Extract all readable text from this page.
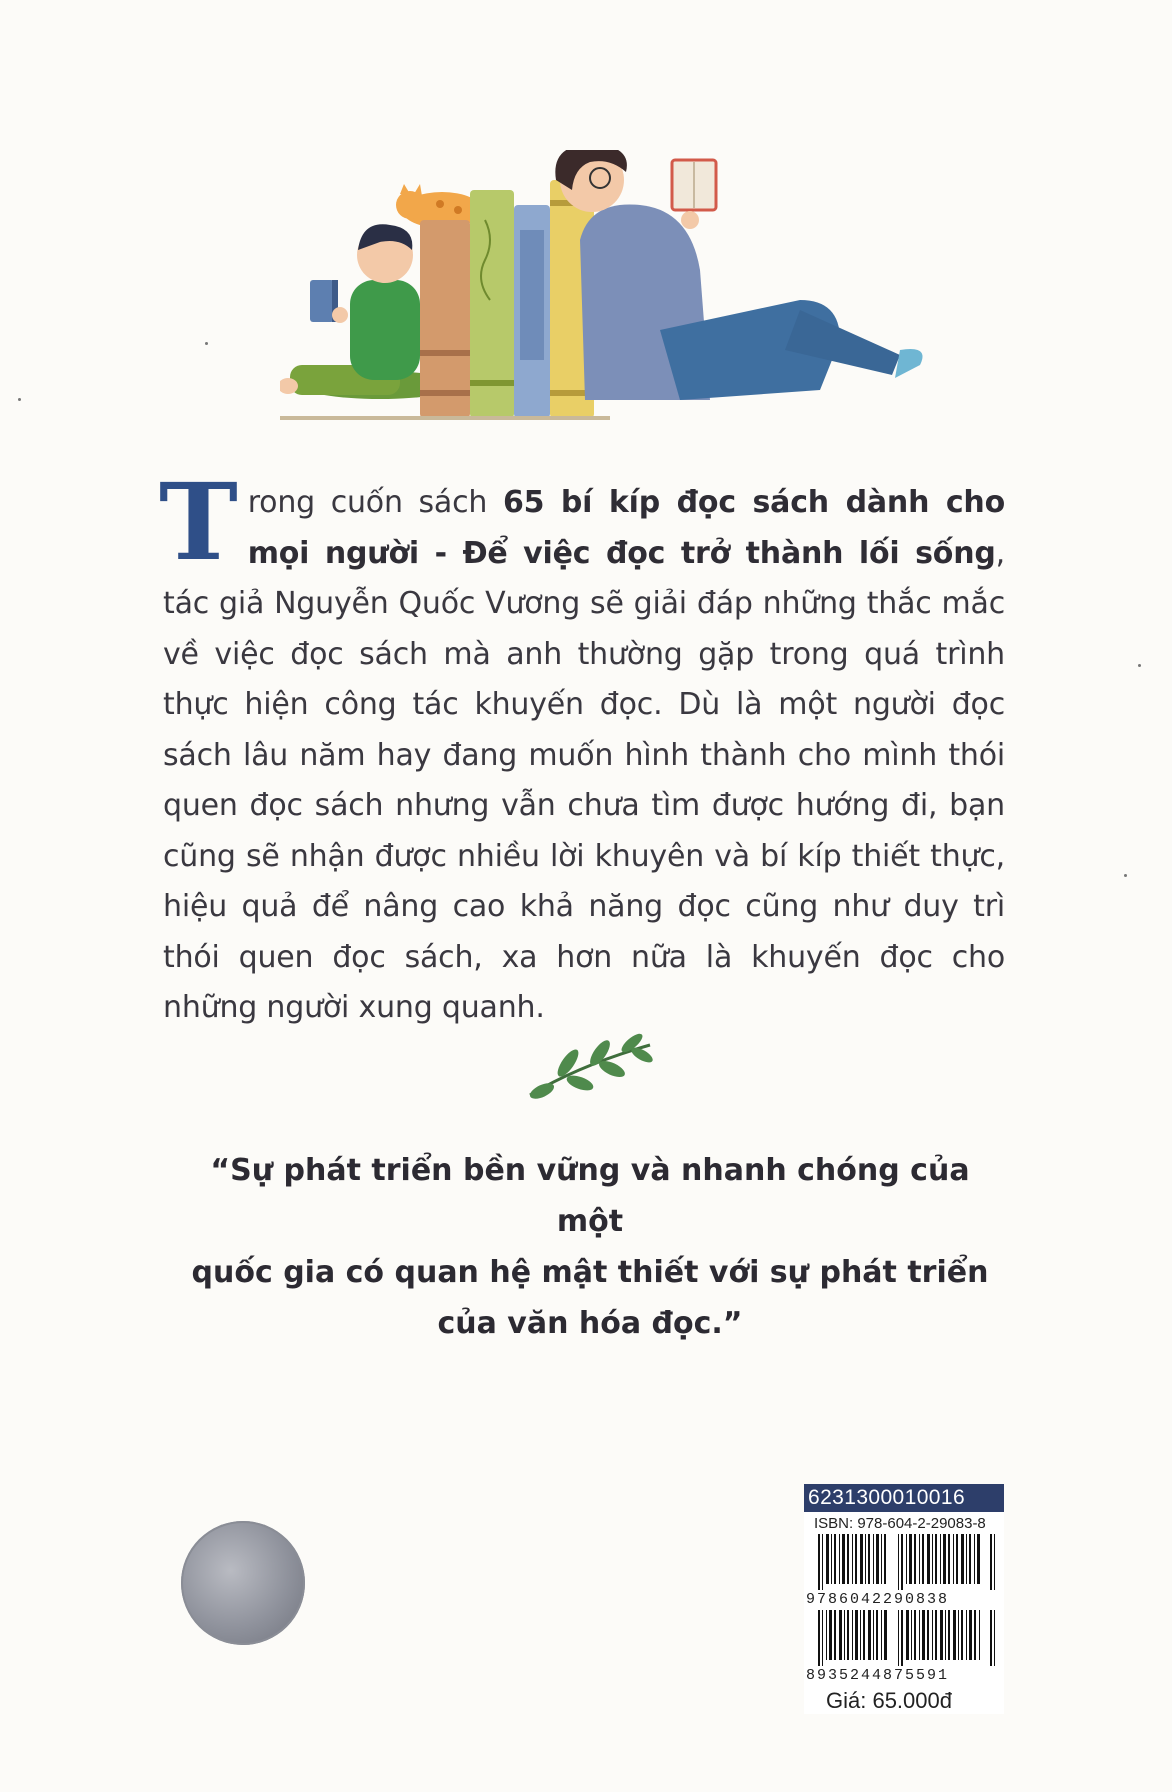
Trong cuốn sách 65 bí kíp đọc sách dành cho mọi người - Để việc đọc trở thành lối sống, tác giả Nguyễn Quốc Vương sẽ giải đáp những thắc mắc về việc đọc sách mà anh thường gặp trong quá trình thực hiện công tác khuyến đọc. Dù là một người đọc sách lâu năm hay đang muốn hình thành cho mình thói quen đọc sách nhưng vẫn chưa tìm được hướng đi, bạn cũng sẽ nhận được nhiều lời khuyên và bí kíp thiết thực, hiệu quả để nâng cao khả năng đọc cũng như duy trì thói quen đọc sách, xa hơn nữa là khuyến đọc cho những người xung quanh.
“Sự phát triển bền vững và nhanh chóng của một
quốc gia có quan hệ mật thiết với sự phát triển
của văn hóa đọc.”
6231300010016
ISBN: 978-604-2-29083-8
9786042290838
8935244875591
Giá: 65.000đ
